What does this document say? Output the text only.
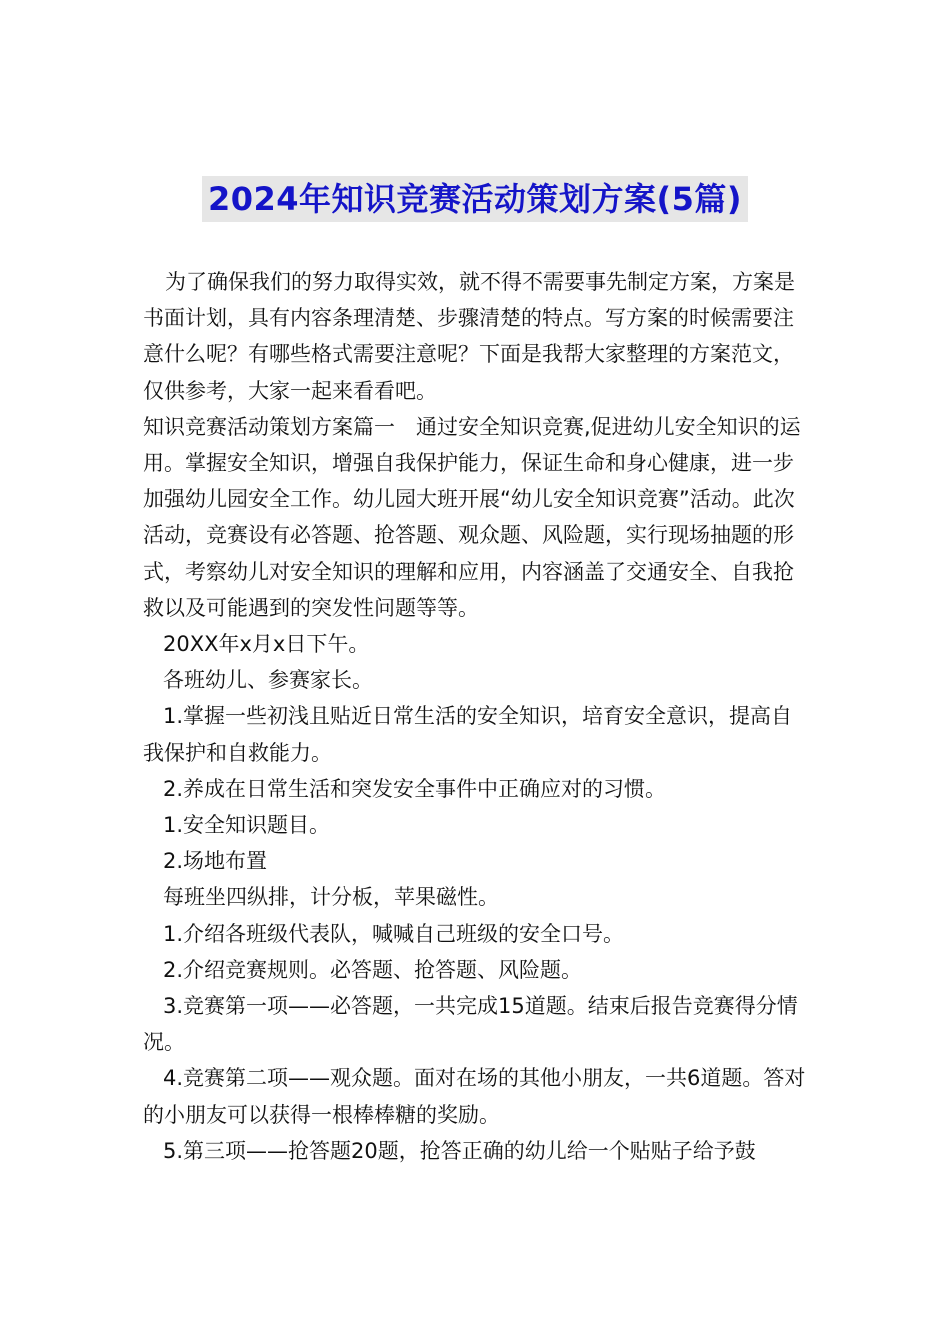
2024年知识竞赛活动策划方案(5篇)

为了确保我们的努力取得实效，就不得不需要事先制定方案，方案是书面计划，具有内容条理清楚、步骤清楚的特点。写方案的时候需要注意什么呢？有哪些格式需要注意呢？下面是我帮大家整理的方案范文，仅供参考，大家一起来看看吧。

知识竞赛活动策划方案篇一　通过安全知识竞赛,促进幼儿安全知识的运用。掌握安全知识，增强自我保护能力，保证生命和身心健康，进一步加强幼儿园安全工作。幼儿园大班开展“幼儿安全知识竞赛”活动。此次活动，竞赛设有必答题、抢答题、观众题、风险题，实行现场抽题的形式，考察幼儿对安全知识的理解和应用，内容涵盖了交通安全、自我抢救以及可能遇到的突发性问题等等。

20XX年x月x日下午。

各班幼儿、参赛家长。

1.掌握一些初浅且贴近日常生活的安全知识，培育安全意识，提高自我保护和自救能力。

2.养成在日常生活和突发安全事件中正确应对的习惯。

1.安全知识题目。

2.场地布置

每班坐四纵排，计分板，苹果磁性。

1.介绍各班级代表队，喊喊自己班级的安全口号。

2.介绍竞赛规则。必答题、抢答题、风险题。

3.竞赛第一项——必答题，一共完成15道题。结束后报告竞赛得分情况。

4.竞赛第二项——观众题。面对在场的其他小朋友，一共6道题。答对的小朋友可以获得一根棒棒糖的奖励。

5.第三项——抢答题20题，抢答正确的幼儿给一个贴贴子给予鼓
